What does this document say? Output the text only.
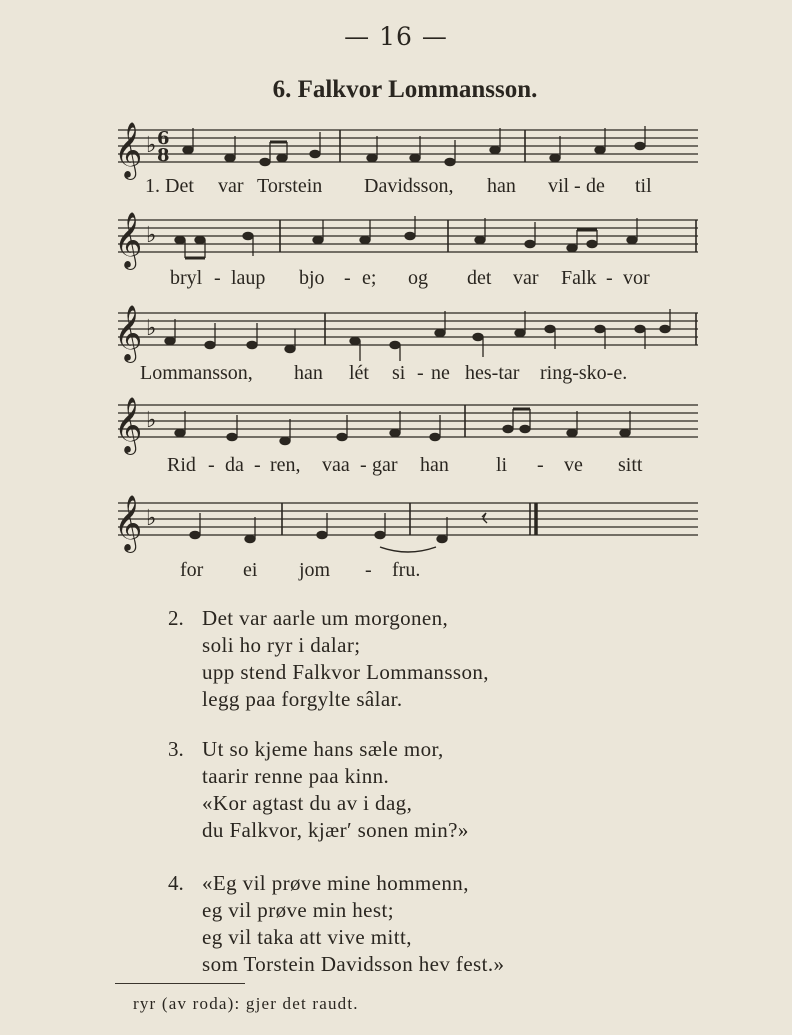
— 16 —
6. Falkvor Lommansson.
𝄞 ♭ 6
8
1. Det var Torstein Davidsson, han vil - de til
𝄞 ♭
bryl - laup bjo - e; og det var Falk - vor
𝄞 ♭
Lommansson, han lét si - ne hes-tar ring-sko-e.
𝄞 ♭
Rid - da - ren, vaa - gar han li - ve sitt
𝄞 ♭
for ei jom - fru.
2. Det var aarle um morgonen,
soli ho ryr i dalar;
upp stend Falkvor Lommansson,
legg paa forgylte sâlar.
3. Ut so kjeme hans sæle mor,
taarir renne paa kinn.
«Kor agtast du av i dag,
du Falkvor, kjær′ sonen min?»
4. «Eg vil prøve mine hommenn,
eg vil prøve min hest;
eg vil taka att vive mitt,
som Torstein Davidsson hev fest.»
ryr (av roda): gjer det raudt.
